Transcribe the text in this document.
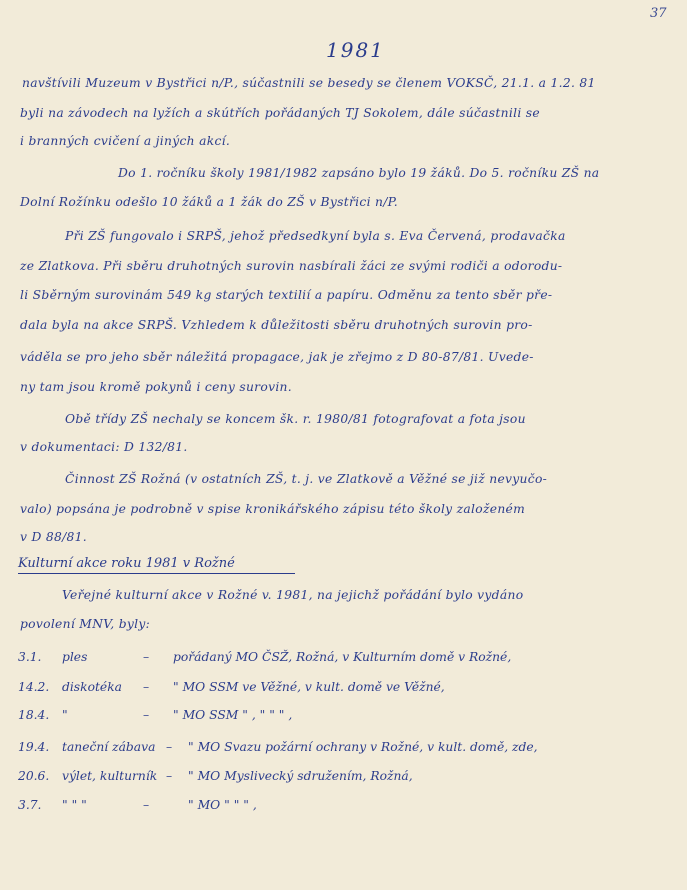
37
1981
navštívili Muzeum v Bystřici n/P., súčastnili se besedy se členem VOKSČ, 21.1. a 1.2. 81
byli na závodech na lyžích a skútřích pořádaných TJ Sokolem, dále súčastnili se
i branných cvičení a jiných akcí.
Do 1. ročníku školy 1981/1982 zapsáno bylo 19 žáků. Do 5. ročníku ZŠ na
Dolní Rožínku odešlo 10 žáků a 1 žák do ZŠ v Bystřici n/P.
Při ZŠ fungovalo i SRPŠ, jehož předsedkyní byla s. Eva Červená, prodavačka
ze Zlatkova. Při sběru druhotných surovin nasbírali žáci ze svými rodiči a odorodu-
li Sběrným surovinám 549 kg starých textilií a papíru. Odměnu za tento sběr pře-
dala byla na akce SRPŠ. Vzhledem k důležitosti sběru druhotných surovin pro-
váděla se pro jeho sběr náležitá propagace, jak je zřejmo z D 80-87/81. Uvede-
ny tam jsou kromě pokynů i ceny surovin.
Obě třídy ZŠ nechaly se koncem šk. r. 1980/81 fotografovat a fota jsou
v dokumentaci: D 132/81.
Činnost ZŠ Rožná (v ostatních ZŠ, t. j. ve Zlatkově a Věžné se již nevyučo-
valo) popsána je podrobně v spise kronikářského zápisu této školy založeném
v D 88/81.
Kulturní akce roku 1981 v Rožné
Veřejné kulturní akce v Rožné v. 1981, na jejichž pořádání bylo vydáno
povolení MNV, byly:
3.1. ples	– pořádaný MO ČSŽ, Rožná, v Kulturním domě v Rožné,
14.2. diskotéka – " MO SSM ve Věžné, v kult. domě ve Věžné,
18.4. "	– " MO SSM " , " " " ,
19.4. taneční zábava – " MO Svazu požární ochrany v Rožné, v kult. domě, zde,
20.6. výlet, kulturník – " MO Myslivecký sdružením, Rožná,
3.7. " " "	–	" MO " " " ,
